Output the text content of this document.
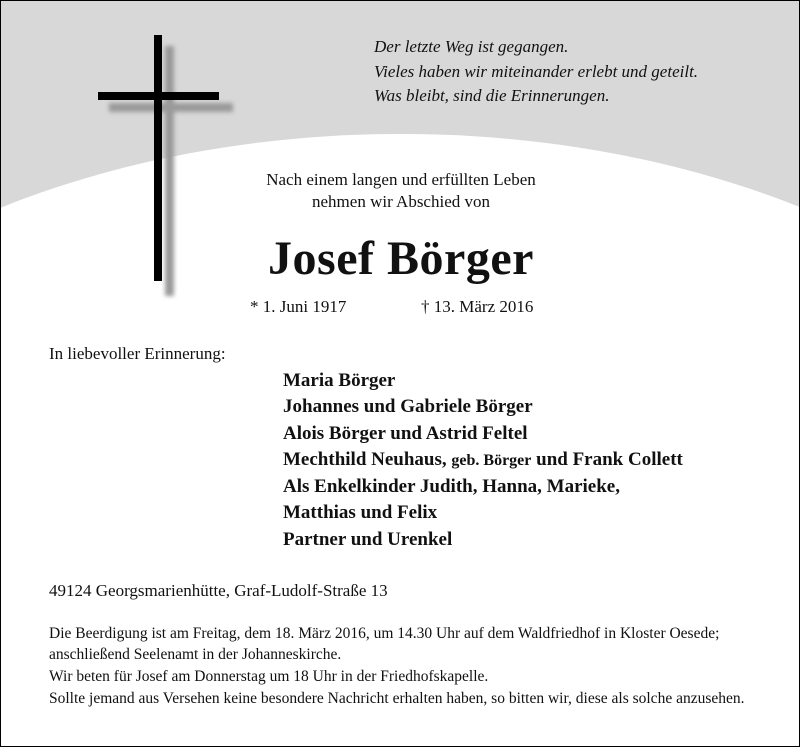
Der letzte Weg ist gegangen.
Vieles haben wir miteinander erlebt und geteilt.
Was bleibt, sind die Erinnerungen.
Nach einem langen und erfüllten Leben
nehmen wir Abschied von
Josef Börger
* 1. Juni 1917	† 13. März 2016
In liebevoller Erinnerung:
Maria Börger
Johannes und Gabriele Börger
Alois Börger und Astrid Feltel
Mechthild Neuhaus, geb. Börger und Frank Collett
Als Enkelkinder Judith, Hanna, Marieke,
Matthias und Felix
Partner und Urenkel
49124 Georgsmarienhütte, Graf-Ludolf-Straße 13

Die Beerdigung ist am Freitag, dem 18. März 2016, um 14.30 Uhr auf dem Waldfriedhof in Kloster Oesede; anschließend Seelenamt in der Johanneskirche.

Wir beten für Josef am Donnerstag um 18 Uhr in der Friedhofskapelle.

Sollte jemand aus Versehen keine besondere Nachricht erhalten haben, so bitten wir, diese als solche anzusehen.
